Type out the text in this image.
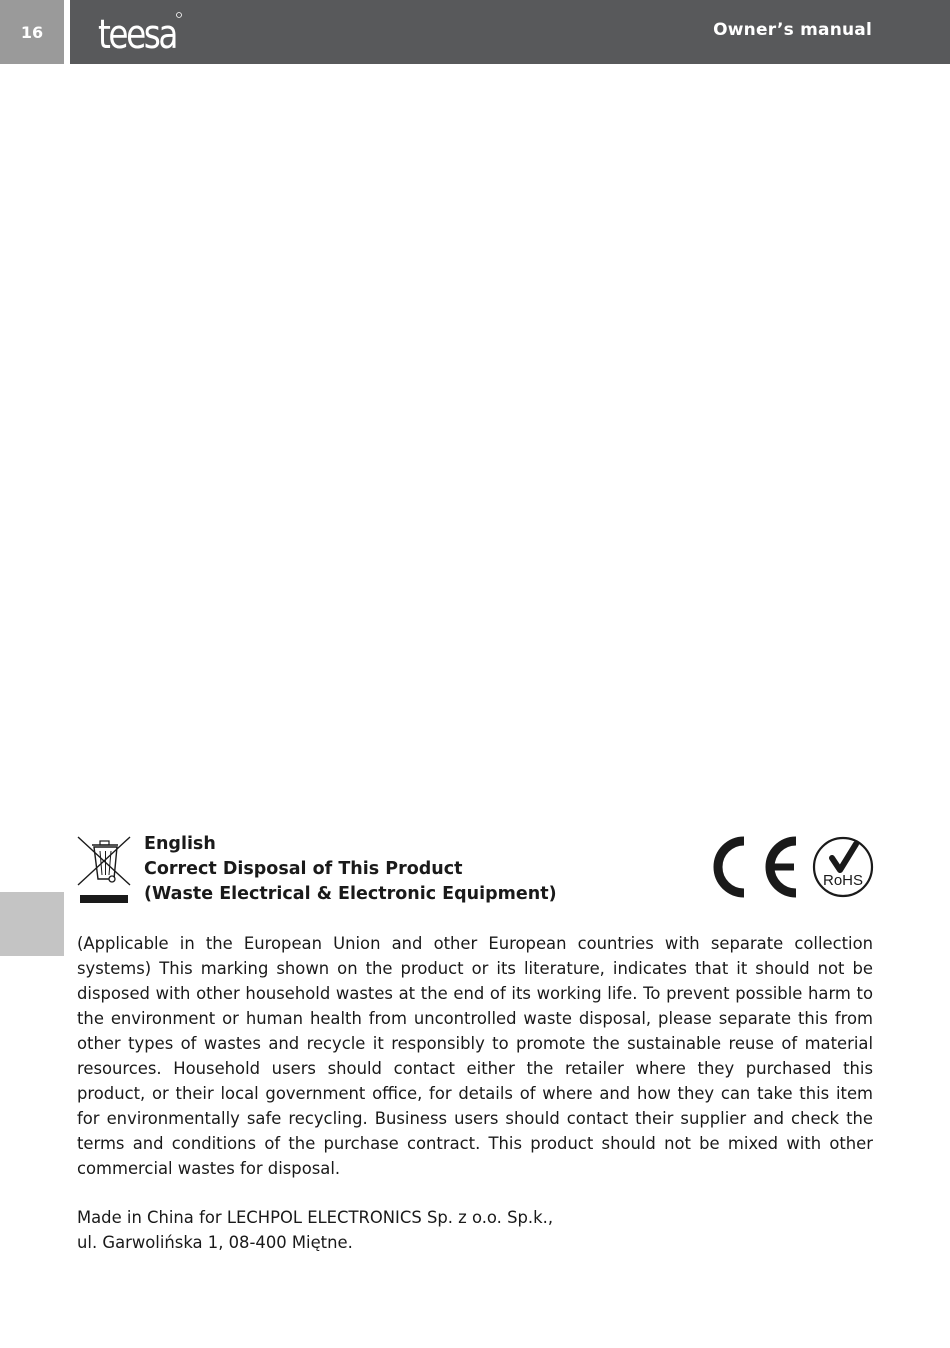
16 teesa	Owner’s manual
English
Correct Disposal of This Product
(Waste Electrical & Electronic Equipment)
RoHS

(Applicable in the European Union and other European countries with separate collection systems) This marking shown on the product or its literature, indicates that it should not be disposed with other household wastes at the end of its working life. To prevent possible harm to the environment or human health from uncontrolled waste disposal, please separate this from other types of wastes and recycle it responsibly to promote the sustainable reuse of material resources. Household users should contact either the retailer where they purchased this product, or their local government office, for details of where and how they can take this item for environmentally safe recycling. Business users should contact their supplier and check the terms and conditions of the purchase contract. This product should not be mixed with other commercial wastes for disposal.

Made in China for LECHPOL ELECTRONICS Sp. z o.o. Sp.k.,
ul. Garwolińska 1, 08-400 Miętne.
